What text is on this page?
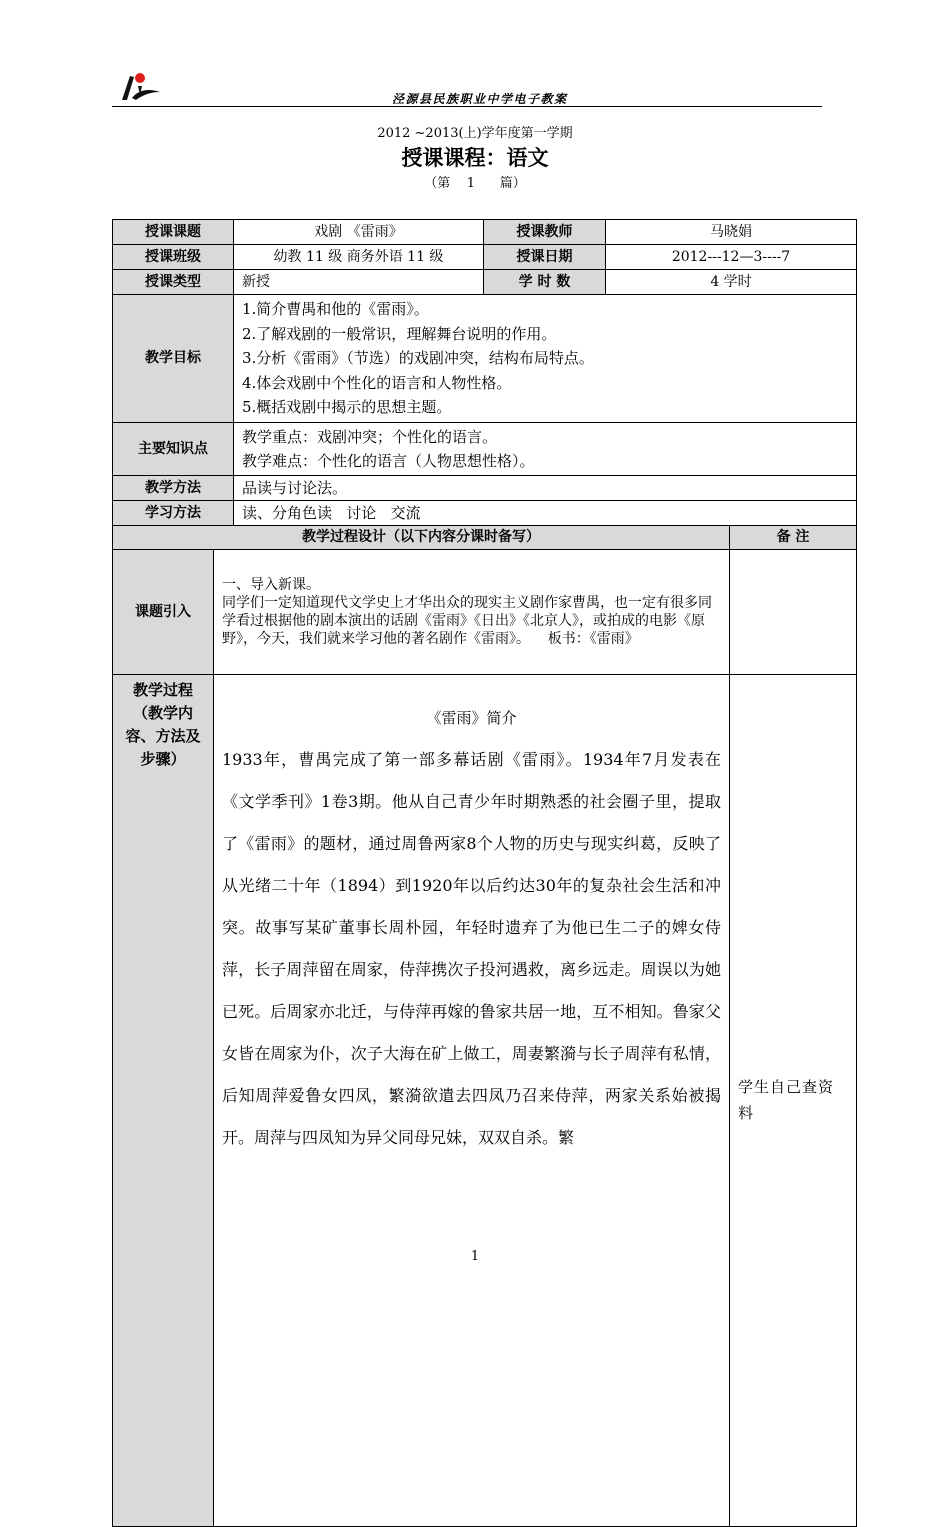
泾源县民族职业中学电子教案
2012 ~2013(上)学年度第一学期
授课课程：语文
（第    1      篇）
授课课题		戏剧 《雷雨》	授课教师	马晓娟	
授课班级		幼教 11 级 商务外语 11 级	授课日期	2012---12—3----7	
授课类型		新授	学 时 数	4 学时	
教学目标		1.简介曹禺和他的《雷雨》。
2.了解戏剧的一般常识，理解舞台说明的作用。
3.分析《雷雨》（节选）的戏剧冲突，结构布局特点。
4.体会戏剧中个性化的语言和人物性格。
5.概括戏剧中揭示的思想主题。			

主要知识点		教学重点：戏剧冲突；个性化的语言。
教学难点：个性化的语言（人物思想性格）。			

教学方法		品读与讨论法。			
学习方法		读、分角色读   讨论   交流			
教学过程设计（以下内容分课时备写）					备 注
课题引入	一、导入新课。
同学们一定知道现代文学史上才华出众的现实主义剧作家曹禺，也一定有很多同学看过根据他的剧本演出的话剧《雷雨》《日出》《北京人》，或拍成的电影《原野》，今天，我们就来学习他的著名剧作《雷雨》。    板书：《雷雨》				

教学过程（教学内容、方法及步骤）	《雷雨》简介
1933年，曹禺完成了第一部多幕话剧《雷雨》。1934年7月发表在《文学季刊》1卷3期。他从自己青少年时期熟悉的社会圈子里，提取了《雷雨》的题材，通过周鲁两家8个人物的历史与现实纠葛，反映了从光绪二十年（1894）到1920年以后约达30年的复杂社会生活和冲突。故事写某矿董事长周朴园，年轻时遗弃了为他已生二子的婢女侍萍，长子周萍留在周家，侍萍携次子投河遇救，离乡远走。周误以为她已死。后周家亦北迁，与侍萍再嫁的鲁家共居一地，互不相知。鲁家父女皆在周家为仆，次子大海在矿上做工，周妻繁漪与长子周萍有私情，后知周萍爱鲁女四凤，繁漪欲遣去四凤乃召来侍萍，两家关系始被揭开。周萍与四凤知为异父同母兄妹，双双自杀。繁				学生自己查资料
1
